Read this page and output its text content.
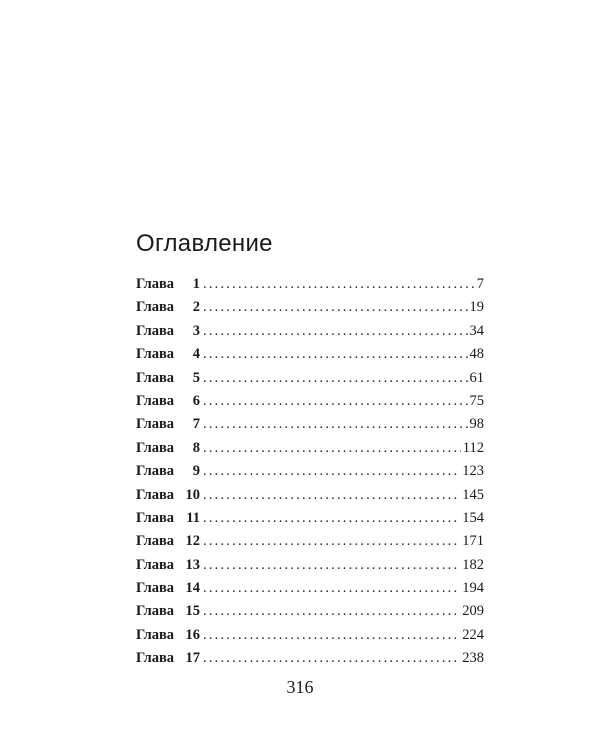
Оглавление
Глава	1 .....	7
Глава	2 .....	19
Глава	3 .....	34
Глава	4 .....	48
Глава	5 .....	61
Глава	6 .....	75
Глава	7 .....	98
Глава	8 .....	112
Глава	9 .....	123
Глава 10 .....	145
Глава 11 .....	154
Глава 12 .....	171
Глава 13 .....	182
Глава 14 .....	194
Глава 15 .....	209
Глава 16 .....	224
Глава 17 .....	238
316
